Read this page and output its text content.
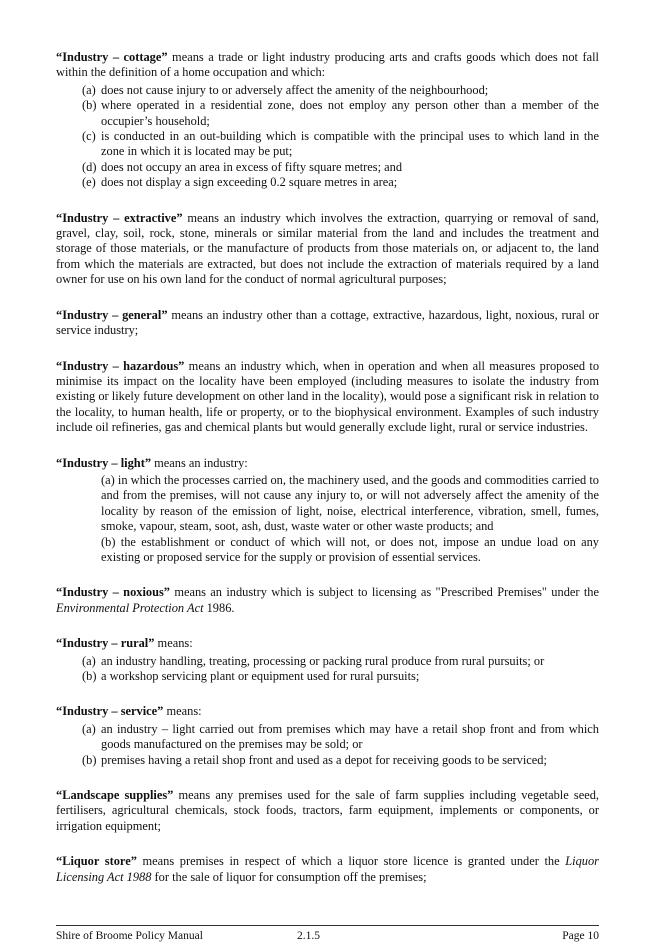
“Industry – cottage” means a trade or light industry producing arts and crafts goods which does not fall within the definition of a home occupation and which:
(a) does not cause injury to or adversely affect the amenity of the neighbourhood;
(b) where operated in a residential zone, does not employ any person other than a member of the occupier’s household;
(c) is conducted in an out-building which is compatible with the principal uses to which land in the zone in which it is located may be put;
(d) does not occupy an area in excess of fifty square metres; and
(e) does not display a sign exceeding 0.2 square metres in area;
“Industry – extractive” means an industry which involves the extraction, quarrying or removal of sand, gravel, clay, soil, rock, stone, minerals or similar material from the land and includes the treatment and storage of those materials, or the manufacture of products from those materials on, or adjacent to, the land from which the materials are extracted, but does not include the extraction of materials required by a land owner for use on his own land for the conduct of normal agricultural purposes;
“Industry – general” means an industry other than a cottage, extractive, hazardous, light, noxious, rural or service industry;
“Industry – hazardous” means an industry which, when in operation and when all measures proposed to minimise its impact on the locality have been employed (including measures to isolate the industry from existing or likely future development on other land in the locality), would pose a significant risk in relation to the locality, to human health, life or property, or to the biophysical environment. Examples of such industry include oil refineries, gas and chemical plants but would generally exclude light, rural or service industries.
“Industry – light” means an industry:
(a) in which the processes carried on, the machinery used, and the goods and commodities carried to and from the premises, will not cause any injury to, or will not adversely affect the amenity of the locality by reason of the emission of light, noise, electrical interference, vibration, smell, fumes, smoke, vapour, steam, soot, ash, dust, waste water or other waste products; and
(b) the establishment or conduct of which will not, or does not, impose an undue load on any existing or proposed service for the supply or provision of essential services.
“Industry – noxious” means an industry which is subject to licensing as "Prescribed Premises" under the Environmental Protection Act 1986.
“Industry – rural” means:
(a) an industry handling, treating, processing or packing rural produce from rural pursuits; or
(b) a workshop servicing plant or equipment used for rural pursuits;
“Industry – service” means:
(a) an industry – light carried out from premises which may have a retail shop front and from which goods manufactured on the premises may be sold; or
(b) premises having a retail shop front and used as a depot for receiving goods to be serviced;
“Landscape supplies” means any premises used for the sale of farm supplies including vegetable seed, fertilisers, agricultural chemicals, stock foods, tractors, farm equipment, implements or components, or irrigation equipment;
“Liquor store” means premises in respect of which a liquor store licence is granted under the Liquor Licensing Act 1988 for the sale of liquor for consumption off the premises;
Shire of Broome Policy Manual	2.1.5	Page 10
